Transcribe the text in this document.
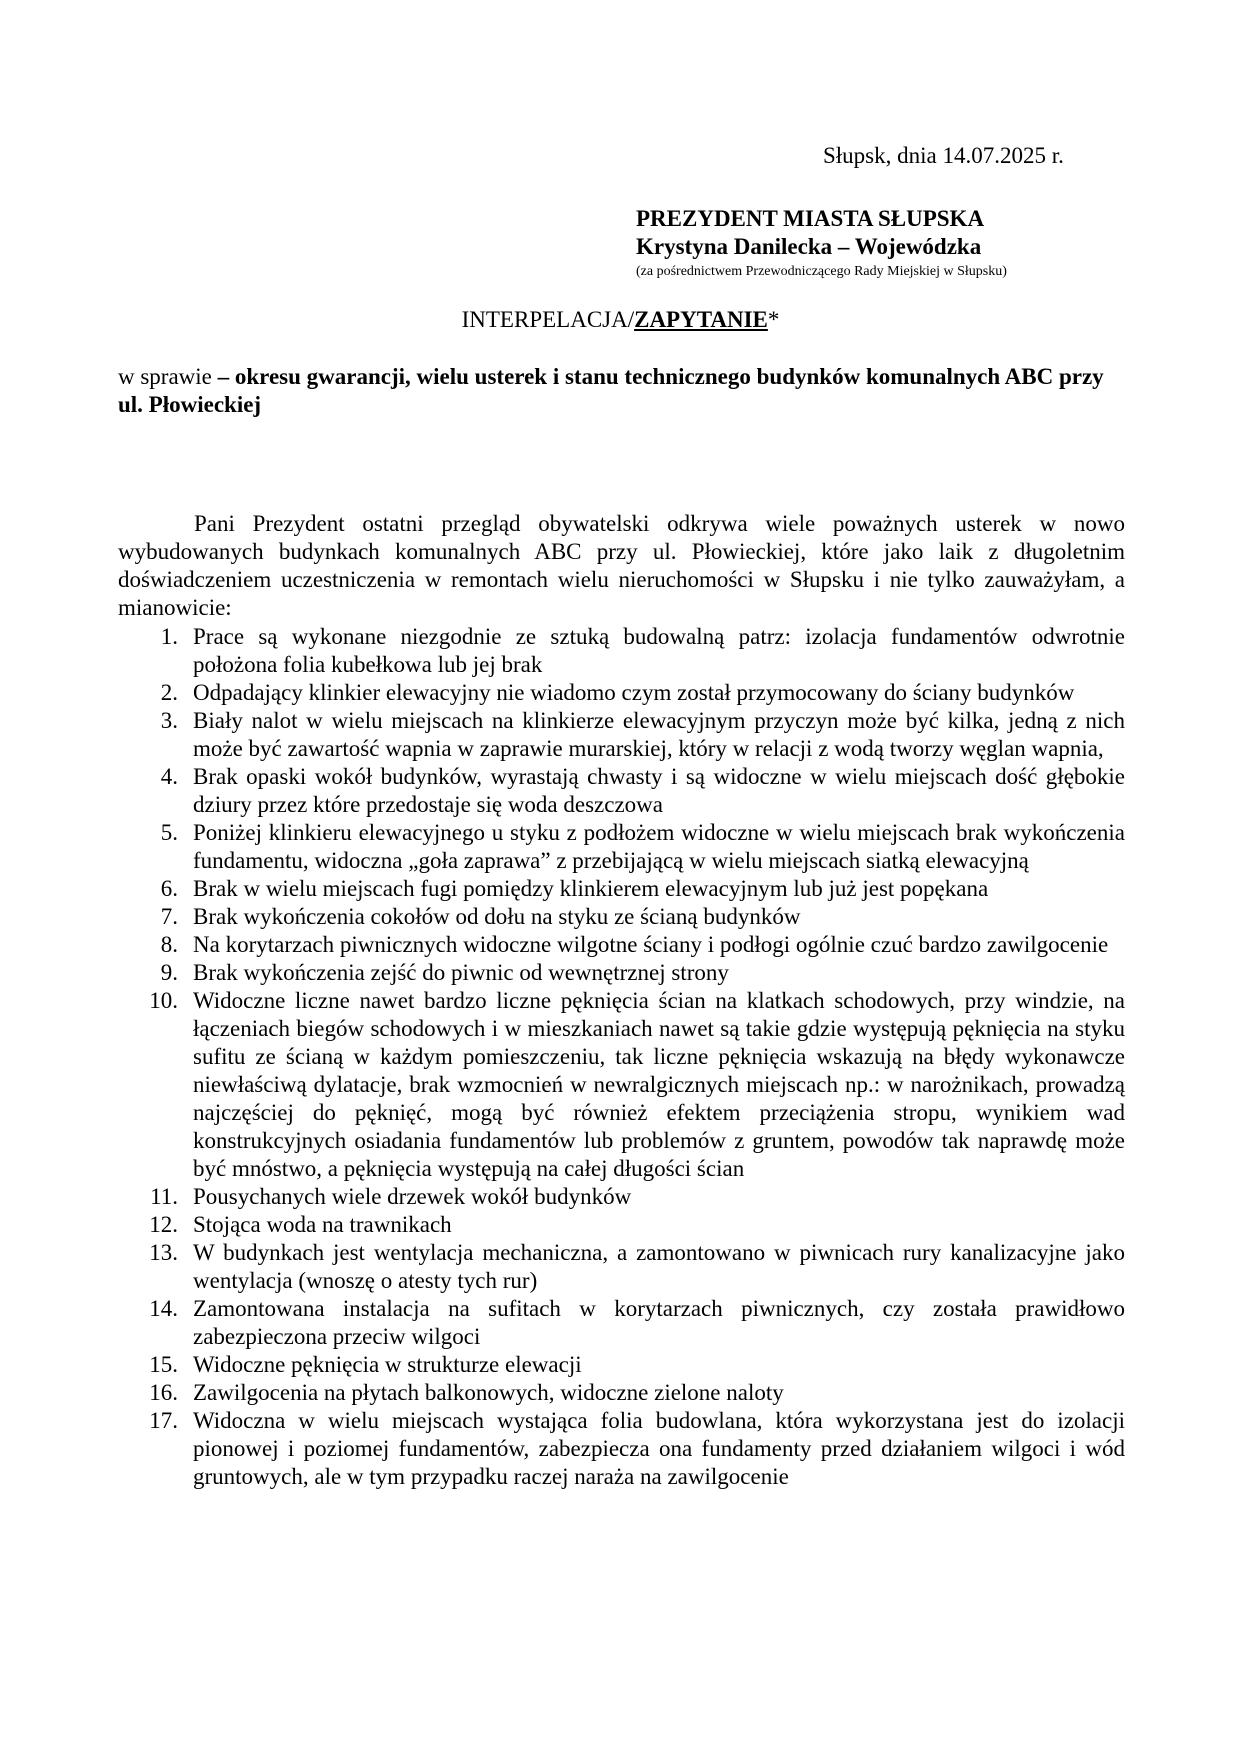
Słupsk, dnia 14.07.2025 r.
PREZYDENT MIASTA SŁUPSKA
Krystyna Danilecka – Wojewódzka
(za pośrednictwem Przewodniczącego Rady Miejskiej w Słupsku)
INTERPELACJA/ZAPYTANIE*
w sprawie – okresu gwarancji, wielu usterek i stanu technicznego budynków komunalnych ABC przy ul. Płowieckiej

Pani Prezydent ostatni przegląd obywatelski odkrywa wiele poważnych usterek w nowo wybudowanych budynkach komunalnych ABC przy ul. Płowieckiej, które jako laik z długoletnim doświadczeniem uczestniczenia w remontach wielu nieruchomości w Słupsku i nie tylko zauważyłam, a mianowicie:

1. Prace są wykonane niezgodnie ze sztuką budowalną patrz: izolacja fundamentów odwrotnie położona folia kubełkowa lub jej brak
2. Odpadający klinkier elewacyjny nie wiadomo czym został przymocowany do ściany budynków
3. Biały nalot w wielu miejscach na klinkierze elewacyjnym przyczyn może być kilka, jedną z nich może być zawartość wapnia w zaprawie murarskiej, który w relacji z wodą tworzy węglan wapnia,
4. Brak opaski wokół budynków, wyrastają chwasty i są widoczne w wielu miejscach dość głębokie dziury przez które przedostaje się woda deszczowa
5. Poniżej klinkieru elewacyjnego u styku z podłożem widoczne w wielu miejscach brak wykończenia fundamentu, widoczna „goła zaprawa” z przebijającą w wielu miejscach siatką elewacyjną
6. Brak w wielu miejscach fugi pomiędzy klinkierem elewacyjnym lub już jest popękana
7. Brak wykończenia cokołów od dołu na styku ze ścianą budynków
8. Na korytarzach piwnicznych widoczne wilgotne ściany i podłogi ogólnie czuć bardzo zawilgocenie
9. Brak wykończenia zejść do piwnic od wewnętrznej strony
10. Widoczne liczne nawet bardzo liczne pęknięcia ścian na klatkach schodowych, przy windzie, na łączeniach biegów schodowych i w mieszkaniach nawet są takie gdzie występują pęknięcia na styku sufitu ze ścianą w każdym pomieszczeniu, tak liczne pęknięcia wskazują na błędy wykonawcze niewłaściwą dylatacje, brak wzmocnień w newralgicznych miejscach np.: w narożnikach, prowadzą najczęściej do pęknięć, mogą być również efektem przeciążenia stropu, wynikiem wad konstrukcyjnych osiadania fundamentów lub problemów z gruntem, powodów tak naprawdę może być mnóstwo, a pęknięcia występują na całej długości ścian
11. Pousychanych wiele drzewek wokół budynków
12. Stojąca woda na trawnikach
13. W budynkach jest wentylacja mechaniczna, a zamontowano w piwnicach rury kanalizacyjne jako wentylacja (wnoszę o atesty tych rur)
14. Zamontowana instalacja na sufitach w korytarzach piwnicznych, czy została prawidłowo zabezpieczona przeciw wilgoci
15. Widoczne pęknięcia w strukturze elewacji
16. Zawilgocenia na płytach balkonowych, widoczne zielone naloty
17. Widoczna w wielu miejscach wystająca folia budowlana, która wykorzystana jest do izolacji pionowej i poziomej fundamentów, zabezpiecza ona fundamenty przed działaniem wilgoci i wód gruntowych, ale w tym przypadku raczej naraża na zawilgocenie
